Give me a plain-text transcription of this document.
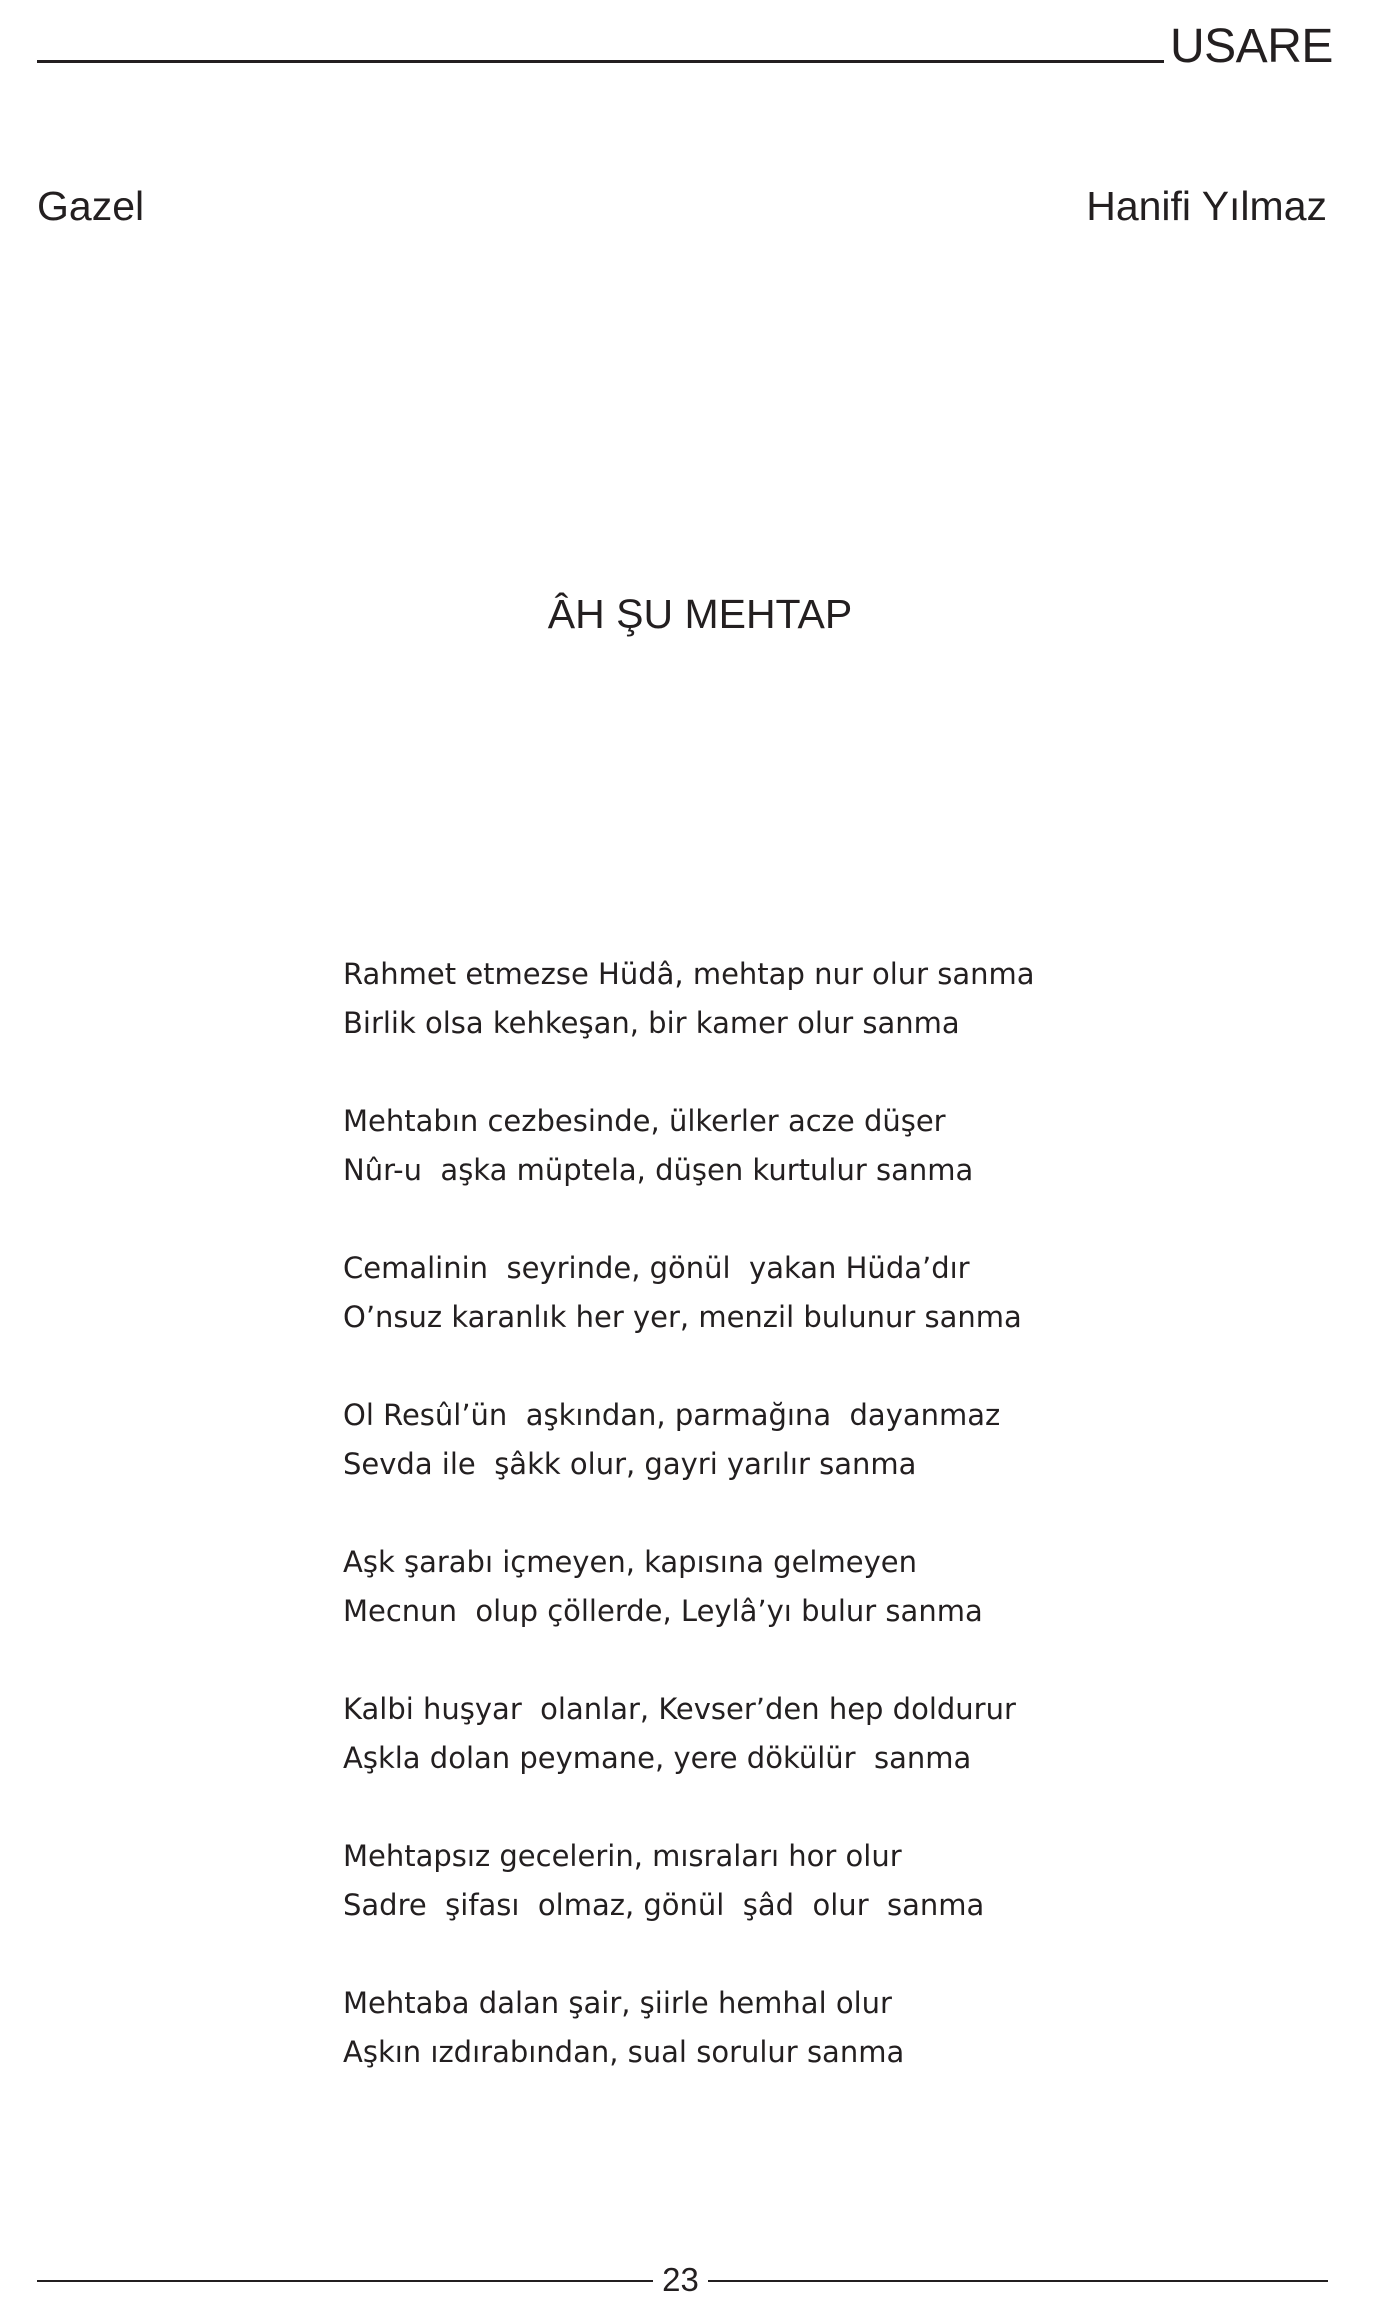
USARE
Gazel	Hanifi Yılmaz
ÂH ŞU MEHTAP
Rahmet etmezse Hüdâ, mehtap nur olur sanma
Birlik olsa kehkeşan, bir kamer olur sanma
Mehtabın cezbesinde, ülkerler acze düşer
Nûr-u  aşka müptela, düşen kurtulur sanma
Cemalinin  seyrinde, gönül  yakan Hüda’dır
O’nsuz karanlık her yer, menzil bulunur sanma
Ol Resûl’ün  aşkından, parmağına  dayanmaz
Sevda ile  şâkk olur, gayri yarılır sanma
Aşk şarabı içmeyen, kapısına gelmeyen
Mecnun  olup çöllerde, Leylâ’yı bulur sanma
Kalbi huşyar  olanlar, Kevser’den hep doldurur
Aşkla dolan peymane, yere dökülür  sanma
Mehtapsız gecelerin, mısraları hor olur
Sadre  şifası  olmaz, gönül  şâd  olur  sanma
Mehtaba dalan şair, şiirle hemhal olur
Aşkın ızdırabından, sual sorulur sanma
23
